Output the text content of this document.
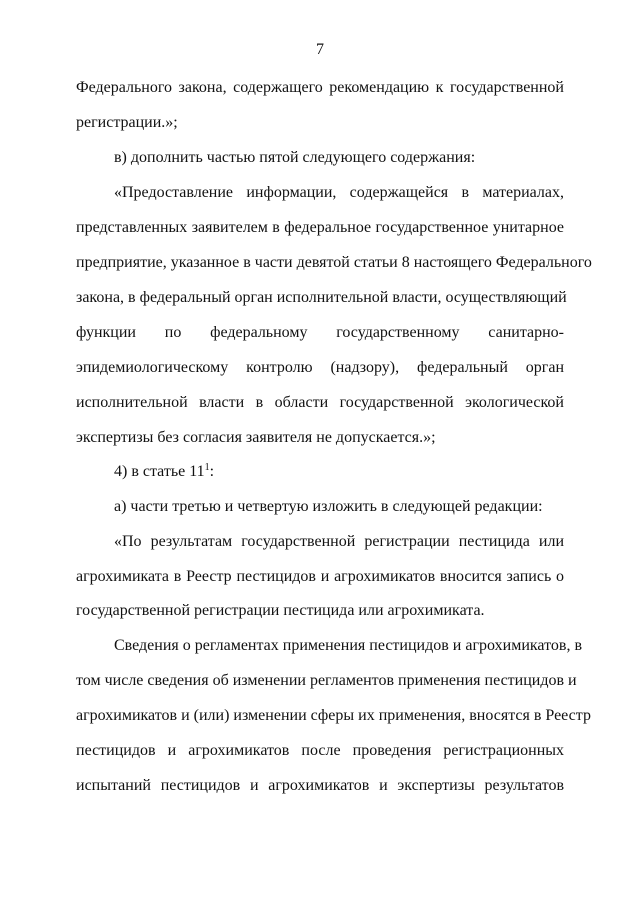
7
Федерального закона, содержащего рекомендацию к государственной
регистрации.»;
в) дополнить частью пятой следующего содержания:
«Предоставление информации, содержащейся в материалах,
представленных заявителем в федеральное государственное унитарное
предприятие, указанное в части девятой статьи 8 настоящего Федерального
закона, в федеральный орган исполнительной власти, осуществляющий
функции по федеральному государственному санитарно-
эпидемиологическому контролю (надзору), федеральный орган
исполнительной власти в области государственной экологической
экспертизы без согласия заявителя не допускается.»;
4) в статье $11^1$:
а) части третью и четвертую изложить в следующей редакции:
«По результатам государственной регистрации пестицида или
агрохимиката в Реестр пестицидов и агрохимикатов вносится запись о
государственной регистрации пестицида или агрохимиката.
Сведения о регламентах применения пестицидов и агрохимикатов, в
том числе сведения об изменении регламентов применения пестицидов и
агрохимикатов и (или) изменении сферы их применения, вносятся в Реестр
пестицидов и агрохимикатов после проведения регистрационных
испытаний пестицидов и агрохимикатов и экспертизы результатов
